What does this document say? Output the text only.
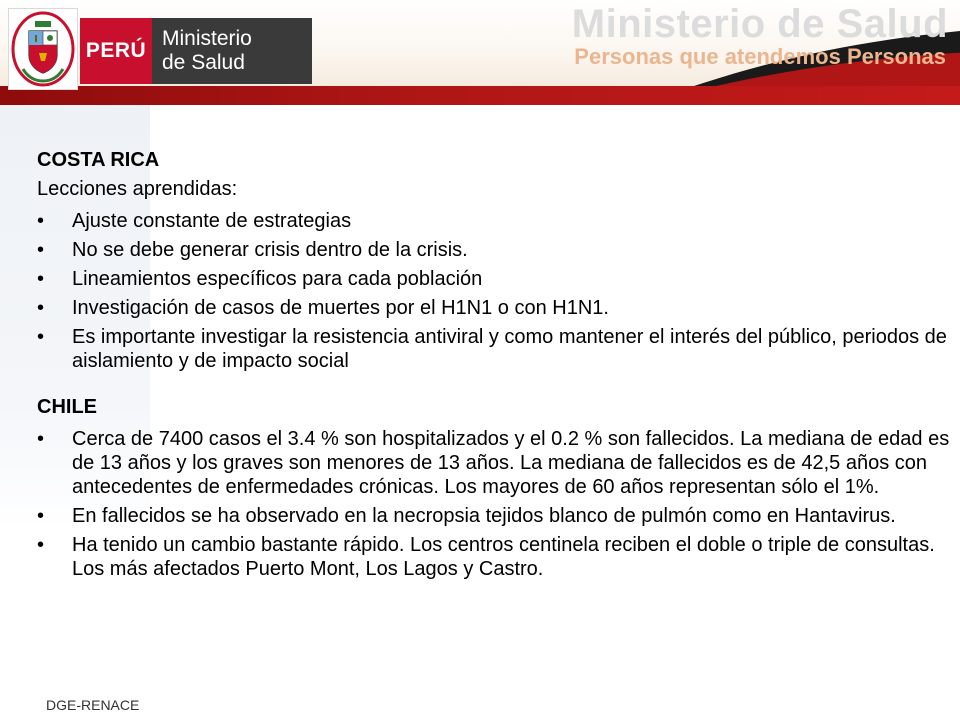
PERÚ
Ministerio
de Salud
Ministerio de Salud
Personas que atendemos Personas
COSTA RICA
Lecciones aprendidas:
• Ajuste constante de estrategias
• No se debe generar crisis dentro de la crisis.
• Lineamientos específicos para cada población
• Investigación de casos de muertes por el H1N1 o con H1N1.
• Es importante investigar la resistencia antiviral y como mantener el interés del público, periodos de aislamiento y de impacto social
CHILE
• Cerca de 7400 casos el 3.4 % son hospitalizados y el 0.2 % son fallecidos. La mediana de edad es de 13 años y los graves son menores de 13 años. La mediana de fallecidos es de 42,5 años con antecedentes de enfermedades crónicas. Los mayores de 60 años representan sólo el 1%.
• En fallecidos se ha observado en la necropsia tejidos blanco de pulmón como en Hantavirus.
• Ha tenido un cambio bastante rápido. Los centros centinela reciben el doble o triple de consultas. Los más afectados Puerto Mont, Los Lagos y Castro.
DGE-RENACE
